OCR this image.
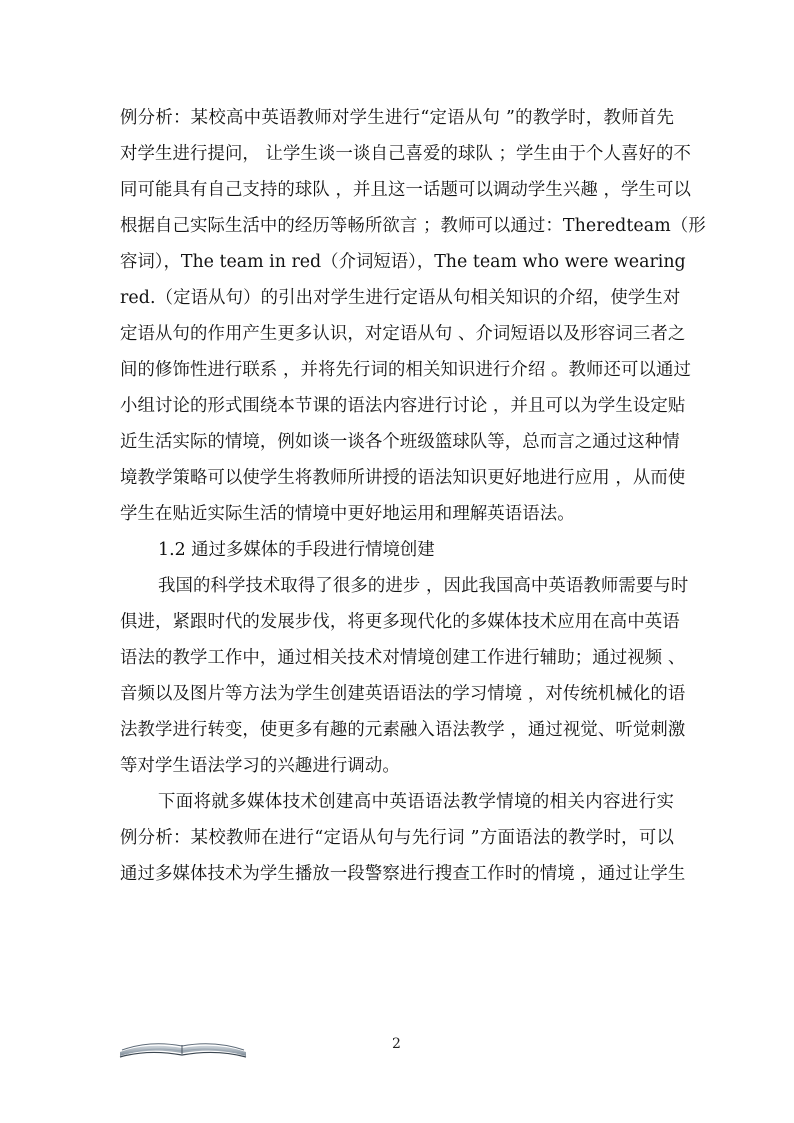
例分析：某校高中英语教师对学生进行“定语从句 ”的教学时，教师首先
对学生进行提问， 让学生谈一谈自己喜爱的球队 ；学生由于个人喜好的不
同可能具有自己支持的球队 ，并且这一话题可以调动学生兴趣 ，学生可以
根据自己实际生活中的经历等畅所欲言 ；教师可以通过：Theredteam（形
容词），The team in red（介词短语），The team who were wearing
red.（定语从句）的引出对学生进行定语从句相关知识的介绍，使学生对
定语从句的作用产生更多认识，对定语从句 、介词短语以及形容词三者之
间的修饰性进行联系 ，并将先行词的相关知识进行介绍 。教师还可以通过
小组讨论的形式围绕本节课的语法内容进行讨论 ，并且可以为学生设定贴
近生活实际的情境，例如谈一谈各个班级篮球队等，总而言之通过这种情
境教学策略可以使学生将教师所讲授的语法知识更好地进行应用 ，从而使
学生在贴近实际生活的情境中更好地运用和理解英语语法。
1.2 通过多媒体的手段进行情境创建
我国的科学技术取得了很多的进步 ，因此我国高中英语教师需要与时
俱进，紧跟时代的发展步伐，将更多现代化的多媒体技术应用在高中英语
语法的教学工作中，通过相关技术对情境创建工作进行辅助；通过视频 、
音频以及图片等方法为学生创建英语语法的学习情境 ，对传统机械化的语
法教学进行转变，使更多有趣的元素融入语法教学 ，通过视觉、听觉刺激
等对学生语法学习的兴趣进行调动。
下面将就多媒体技术创建高中英语语法教学情境的相关内容进行实
例分析：某校教师在进行“定语从句与先行词 ”方面语法的教学时，可以
通过多媒体技术为学生播放一段警察进行搜查工作时的情境 ，通过让学生
2
